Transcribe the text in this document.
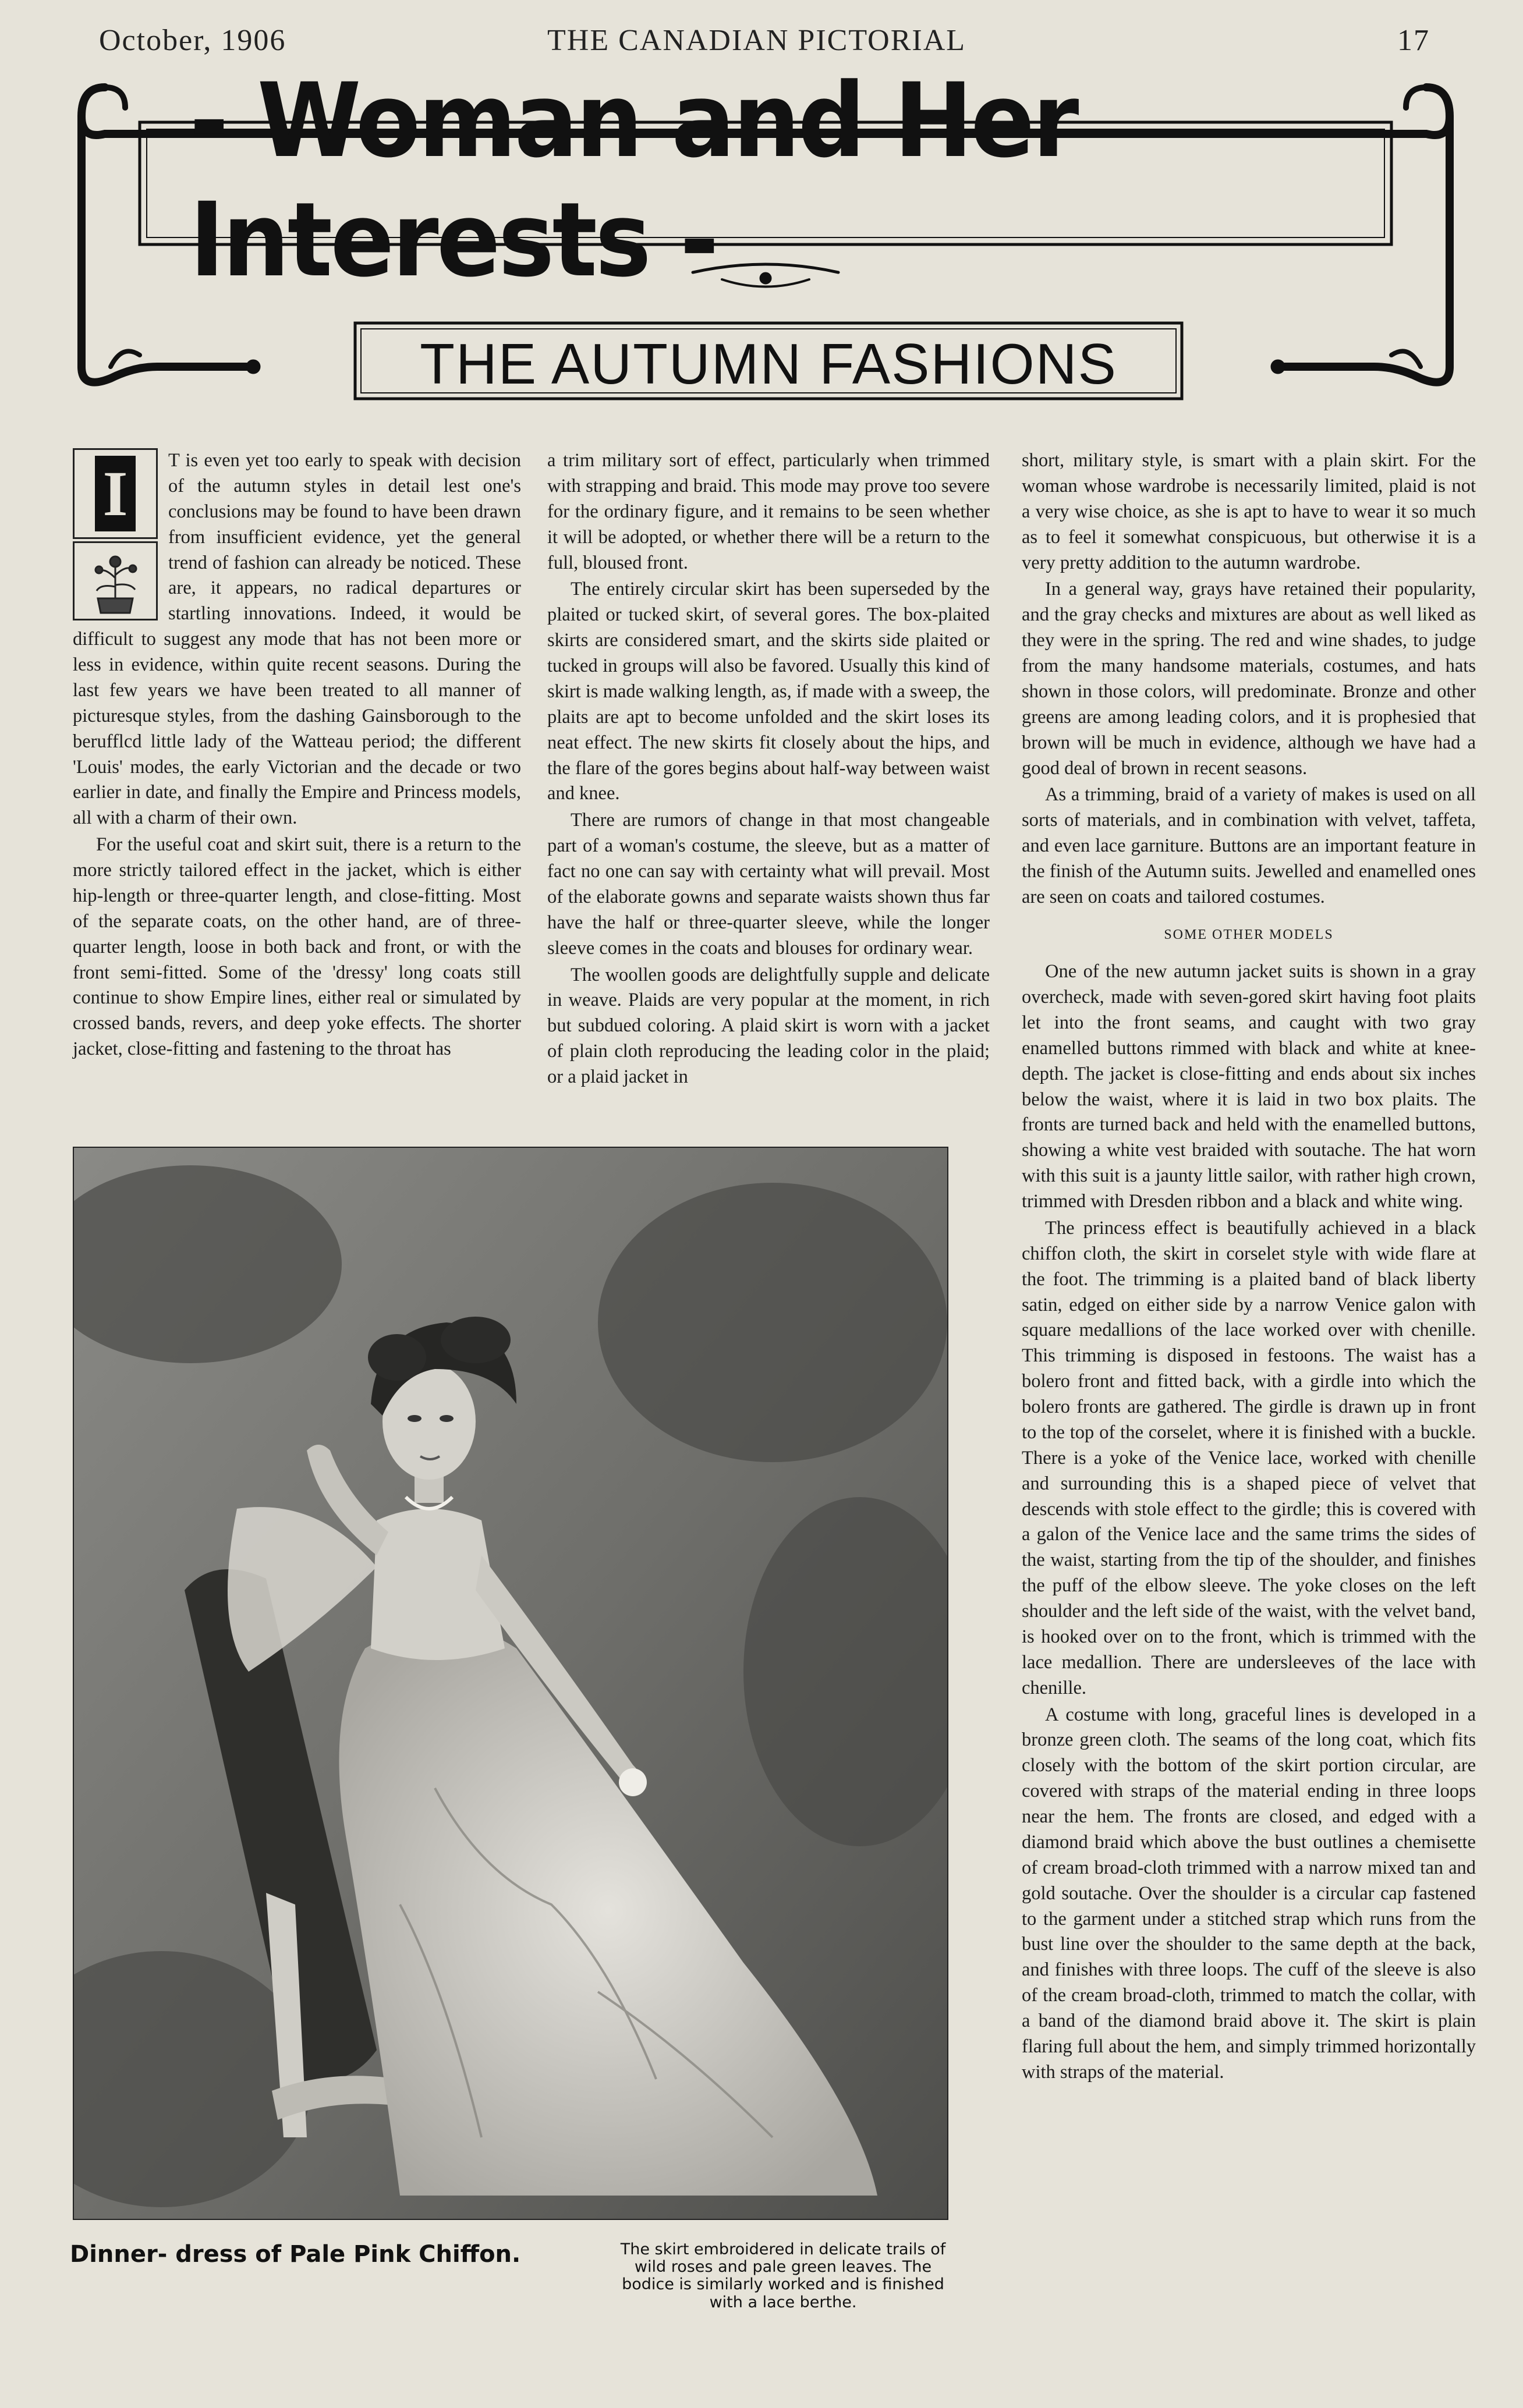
October, 1906	THE CANADIAN PICTORIAL	17
- Woman and Her Interests -
THE AUTUMN FASHIONS
I	T is even yet too early to speak with decision of the autumn styles in detail lest one's conclusions may be found to have been drawn from insufficient evidence, yet the general trend of fashion can already be noticed. These are, it appears, no radical departures or startling innovations. Indeed, it would be difficult to suggest any mode that has not been more or less in evidence, within quite recent seasons. During the last few years we have been treated to all manner of picturesque styles, from the dashing Gainsborough to the berufflcd little lady of the Watteau period; the different 'Louis' modes, the early Victorian and the decade or two earlier in date, and finally the Empire and Princess models, all with a charm of their own.

For the useful coat and skirt suit, there is a return to the more strictly tailored effect in the jacket, which is either hip-length or three-quarter length, and close-fitting. Most of the separate coats, on the other hand, are of three-quarter length, loose in both back and front, or with the front semi-fitted. Some of the 'dressy' long coats still continue to show Empire lines, either real or simulated by crossed bands, revers, and deep yoke effects. The shorter jacket, close-fitting and fastening to the throat has

a trim military sort of effect, particularly when trimmed with strapping and braid. This mode may prove too severe for the ordinary figure, and it remains to be seen whether it will be adopted, or whether there will be a return to the full, bloused front.

The entirely circular skirt has been superseded by the plaited or tucked skirt, of several gores. The box-plaited skirts are considered smart, and the skirts side plaited or tucked in groups will also be favored. Usually this kind of skirt is made walking length, as, if made with a sweep, the plaits are apt to become unfolded and the skirt loses its neat effect. The new skirts fit closely about the hips, and the flare of the gores begins about half-way between waist and knee.

There are rumors of change in that most changeable part of a woman's costume, the sleeve, but as a matter of fact no one can say with certainty what will prevail. Most of the elaborate gowns and separate waists shown thus far have the half or three-quarter sleeve, while the longer sleeve comes in the coats and blouses for ordinary wear.

The woollen goods are delightfully supple and delicate in weave. Plaids are very popular at the moment, in rich but subdued coloring. A plaid skirt is worn with a jacket of plain cloth reproducing the leading color in the plaid; or a plaid jacket in

short, military style, is smart with a plain skirt. For the woman whose wardrobe is necessarily limited, plaid is not a very wise choice, as she is apt to have to wear it so much as to feel it somewhat conspicuous, but otherwise it is a very pretty addition to the autumn wardrobe.

In a general way, grays have retained their popularity, and the gray checks and mixtures are about as well liked as they were in the spring. The red and wine shades, to judge from the many handsome materials, costumes, and hats shown in those colors, will predominate. Bronze and other greens are among leading colors, and it is prophesied that brown will be much in evidence, although we have had a good deal of brown in recent seasons.

As a trimming, braid of a variety of makes is used on all sorts of materials, and in combination with velvet, taffeta, and even lace garniture. Buttons are an important feature in the finish of the Autumn suits. Jewelled and enamelled ones are seen on coats and tailored costumes.

SOME OTHER MODELS

One of the new autumn jacket suits is shown in a gray overcheck, made with seven-gored skirt having foot plaits let into the front seams, and caught with two gray enamelled buttons rimmed with black and white at knee-depth. The jacket is close-fitting and ends about six inches below the waist, where it is laid in two box plaits. The fronts are turned back and held with the enamelled buttons, showing a white vest braided with soutache. The hat worn with this suit is a jaunty little sailor, with rather high crown, trimmed with Dresden ribbon and a black and white wing.

The princess effect is beautifully achieved in a black chiffon cloth, the skirt in corselet style with wide flare at the foot. The trimming is a plaited band of black liberty satin, edged on either side by a narrow Venice galon with square medallions of the lace worked over with chenille. This trimming is disposed in festoons. The waist has a bolero front and fitted back, with a girdle into which the bolero fronts are gathered. The girdle is drawn up in front to the top of the corselet, where it is finished with a buckle. There is a yoke of the Venice lace, worked with chenille and surrounding this is a shaped piece of velvet that descends with stole effect to the girdle; this is covered with a galon of the Venice lace and the same trims the sides of the waist, starting from the tip of the shoulder, and finishes the puff of the elbow sleeve. The yoke closes on the left shoulder and the left side of the waist, with the velvet band, is hooked over on to the front, which is trimmed with the lace medallion. There are undersleeves of the lace with chenille.

A costume with long, graceful lines is developed in a bronze green cloth. The seams of the long coat, which fits closely with the bottom of the skirt portion circular, are covered with straps of the material ending in three loops near the hem. The fronts are closed, and edged with a diamond braid which above the bust outlines a chemisette of cream broad-cloth trimmed with a narrow mixed tan and gold soutache. Over the shoulder is a circular cap fastened to the garment under a stitched strap which runs from the bust line over the shoulder to the same depth at the back, and finishes with three loops. The cuff of the sleeve is also of the cream broad-cloth, trimmed to match the collar, with a band of the diamond braid above it. The skirt is plain flaring full about the hem, and simply trimmed horizontally with straps of the material.

Dinner- dress of Pale Pink Chiffon.	The skirt embroidered in delicate trails of wild roses and pale green leaves. The bodice is similarly worked and is finished with a lace berthe.
